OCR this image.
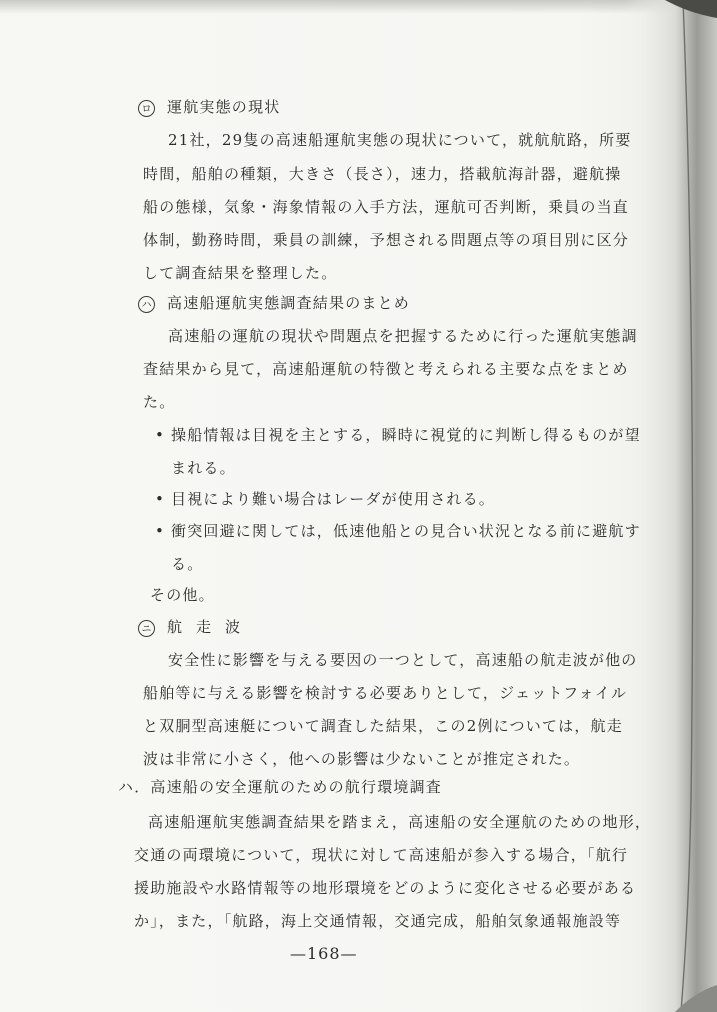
ロ 運航実態の現状
21社，29隻の高速船運航実態の現状について，就航航路，所要
時間，船舶の種類，大きさ（長さ），速力，搭載航海計器，避航操
船の態様，気象・海象情報の入手方法，運航可否判断，乗員の当直
体制，勤務時間，乗員の訓練，予想される問題点等の項目別に区分
して調査結果を整理した。
ハ 高速船運航実態調査結果のまとめ
高速船の運航の現状や問題点を把握するために行った運航実態調
査結果から見て，高速船運航の特徴と考えられる主要な点をまとめ
た。
• 操船情報は目視を主とする，瞬時に視覚的に判断し得るものが望
まれる。
• 目視により難い場合はレーダが使用される。
• 衝突回避に関しては，低速他船との見合い状況となる前に避航す
る。
その他。
ニ 航走波
安全性に影響を与える要因の一つとして，高速船の航走波が他の
船舶等に与える影響を検討する必要ありとして，ジェットフォイル
と双胴型高速艇について調査した結果，この2例については，航走
波は非常に小さく，他への影響は少ないことが推定された。
ハ．高速船の安全運航のための航行環境調査
高速船運航実態調査結果を踏まえ，高速船の安全運航のための地形，
交通の両環境について，現状に対して高速船が参入する場合，「航行
援助施設や水路情報等の地形環境をどのように変化させる必要がある
か」，また，「航路，海上交通情報，交通完成，船舶気象通報施設等
—168—
